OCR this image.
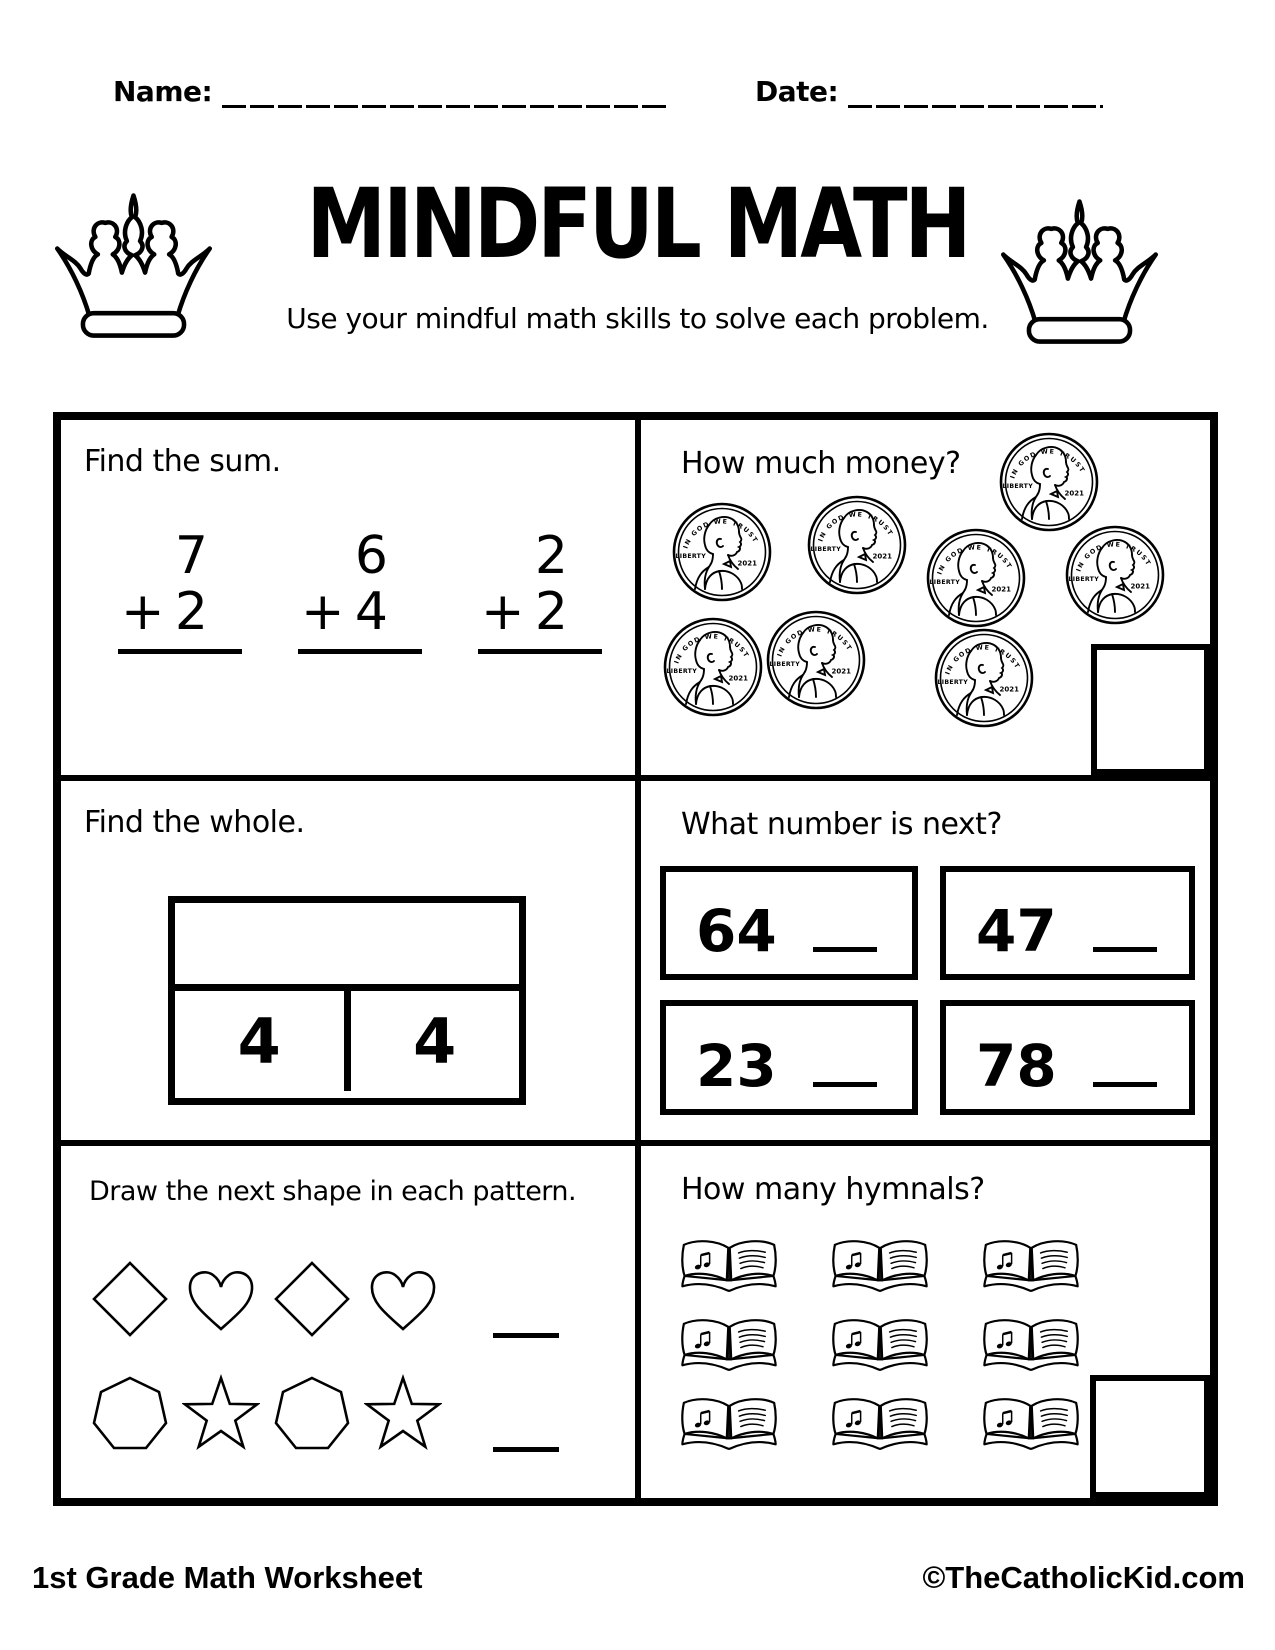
Name:	Date:
MINDFUL MATH
Use your mindful math skills to solve each problem.
Find the sum.
7
+ 2
6
+ 4
2
+ 2
How much money?
Find the whole.
4	4
What number is next?
64	47
23	78
Draw the next shape in each pattern.	How many hymnals?
1st Grade Math Worksheet	©TheCatholicKid.com
